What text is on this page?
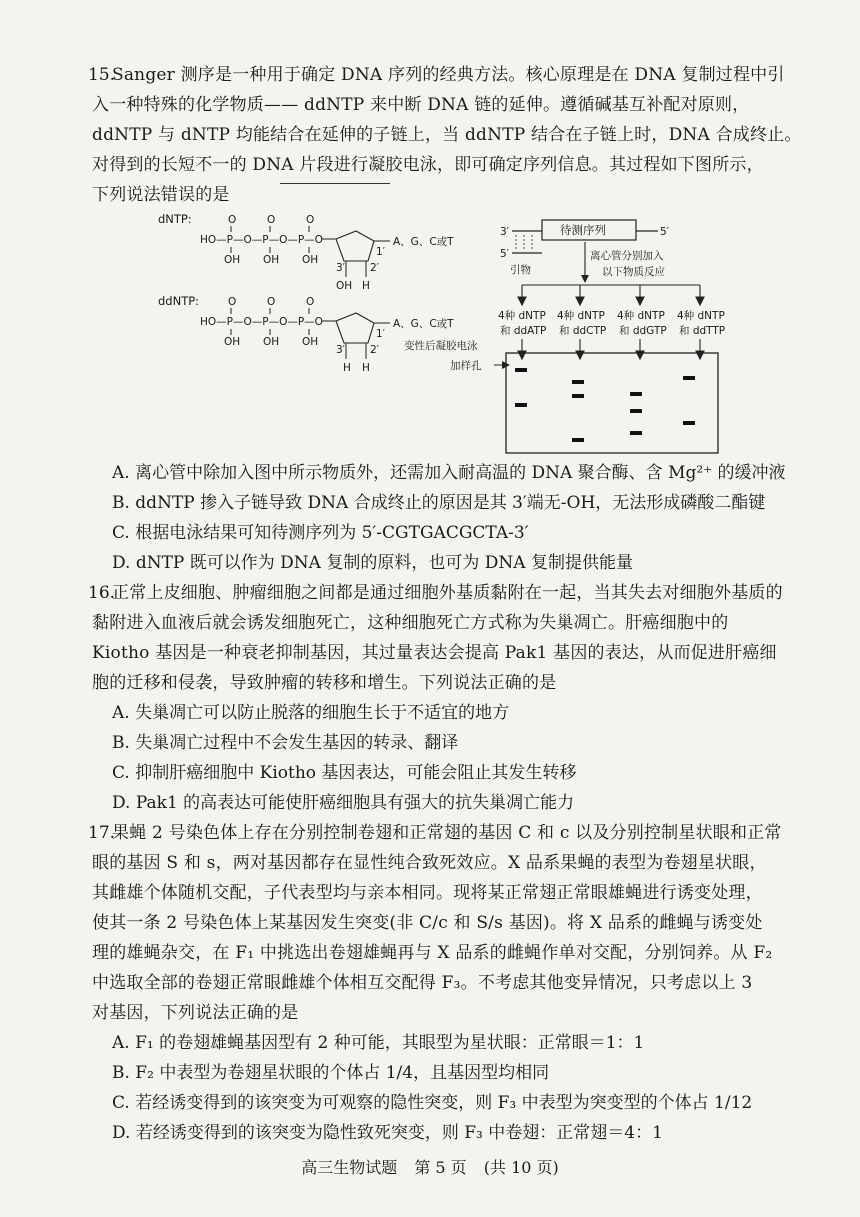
15.
Sanger 测序是一种用于确定 DNA 序列的经典方法。核心原理是在 DNA 复制过程中引
入一种特殊的化学物质—— ddNTP 来中断 DNA 链的延伸。遵循碱基互补配对原则，
ddNTP 与 dNTP 均能结合在延伸的子链上，当 ddNTP 结合在子链上时，DNA 合成终止。
对得到的长短不一的 DNA 片段进行凝胶电泳，即可确定序列信息。其过程如下图所示，
下列说法错误的是
dNTP:	O	O	O
HO—P—O—P—O—P—O
OH OH OH
A、G、C或T
3′ 2′
1′
OH H
ddNTP:	O	O	O
HO—P—O—P—O—P—O
OH OH OH
A、G、C或T
3′ 2′
1′
H H
3′	待测序列	5′
5′
引物
离心管分别加入
以下物质反应
4种 dNTP
和 ddATP
4种 dNTP
和 ddCTP
4种 dNTP
和 ddGTP
4种 dNTP
和 ddTTP
变性后凝胶电泳
加样孔
A. 离心管中除加入图中所示物质外，还需加入耐高温的 DNA 聚合酶、含 Mg²⁺ 的缓冲液
B. ddNTP 掺入子链导致 DNA 合成终止的原因是其 3′端无-OH，无法形成磷酸二酯键
C. 根据电泳结果可知待测序列为 5′-CGTGACGCTA-3′
D. dNTP 既可以作为 DNA 复制的原料，也可为 DNA 复制提供能量
16.
正常上皮细胞、肿瘤细胞之间都是通过细胞外基质黏附在一起，当其失去对细胞外基质的
黏附进入血液后就会诱发细胞死亡，这种细胞死亡方式称为失巢凋亡。肝癌细胞中的
Kiotho 基因是一种衰老抑制基因，其过量表达会提高 Pak1 基因的表达，从而促进肝癌细
胞的迁移和侵袭，导致肿瘤的转移和增生。下列说法正确的是
A. 失巢凋亡可以防止脱落的细胞生长于不适宜的地方
B. 失巢凋亡过程中不会发生基因的转录、翻译
C. 抑制肝癌细胞中 Kiotho 基因表达，可能会阻止其发生转移
D. Pak1 的高表达可能使肝癌细胞具有强大的抗失巢凋亡能力
17.
果蝇 2 号染色体上存在分别控制卷翅和正常翅的基因 C 和 c 以及分别控制星状眼和正常
眼的基因 S 和 s，两对基因都存在显性纯合致死效应。X 品系果蝇的表型为卷翅星状眼，
其雌雄个体随机交配，子代表型均与亲本相同。现将某正常翅正常眼雄蝇进行诱变处理，
使其一条 2 号染色体上某基因发生突变(非 C/c 和 S/s 基因)。将 X 品系的雌蝇与诱变处
理的雄蝇杂交，在 F₁ 中挑选出卷翅雄蝇再与 X 品系的雌蝇作单对交配，分别饲养。从 F₂
中选取全部的卷翅正常眼雌雄个体相互交配得 F₃。不考虑其他变异情况，只考虑以上 3
对基因，下列说法正确的是
A. F₁ 的卷翅雄蝇基因型有 2 种可能，其眼型为星状眼：正常眼＝1：1
B. F₂ 中表型为卷翅星状眼的个体占 1/4，且基因型均相同
C. 若经诱变得到的该突变为可观察的隐性突变，则 F₃ 中表型为突变型的个体占 1/12
D. 若经诱变得到的该突变为隐性致死突变，则 F₃ 中卷翅：正常翅＝4：1
高三生物试题 第 5 页 (共 10 页)
